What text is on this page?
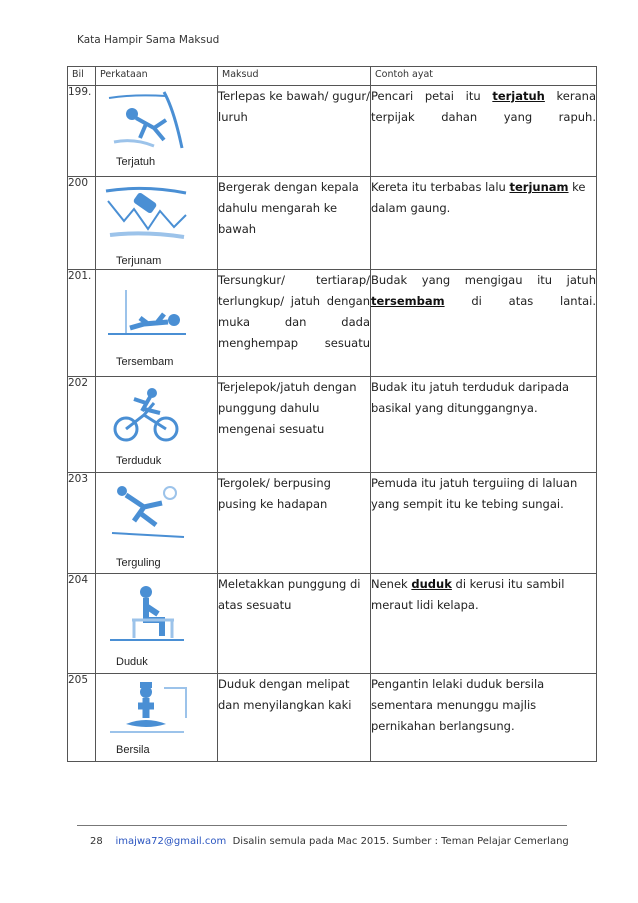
Kata Hampir Sama Maksud
Bil	Perkataan	Maksud	Contoh ayat
199.	Terjatuh	Terlepas ke bawah/ gugur/ luruh	Pencari petai itu terjatuh kerana terpijak dahan yang rapuh.
200	Terjunam	Bergerak dengan kepala dahulu mengarah ke bawah	Kereta itu terbabas lalu terjunam ke dalam gaung.
201.	Tersembam	Tersungkur/ tertiarap/ terlungkup/ jatuh dengan muka dan dada menghempap sesuatu	Budak yang mengigau itu jatuh tersembam di atas lantai.
202	Terduduk	Terjelepok/jatuh dengan punggung dahulu mengenai sesuatu	Budak itu jatuh terduduk daripada basikal yang ditunggangnya.
203	Terguling	Tergolek/ berpusing pusing ke hadapan	Pemuda itu jatuh terguiing di laluan yang sempit itu ke tebing sungai.
204	Duduk	Meletakkan punggung di atas sesuatu	Nenek duduk di kerusi itu sambil meraut lidi kelapa.
205	Bersila	Duduk dengan melipat dan menyilangkan kaki	Pengantin lelaki duduk bersila sementara menunggu majlis pernikahan berlangsung.
28 imajwa72@gmail.com Disalin semula pada Mac 2015. Sumber : Teman Pelajar Cemerlang
